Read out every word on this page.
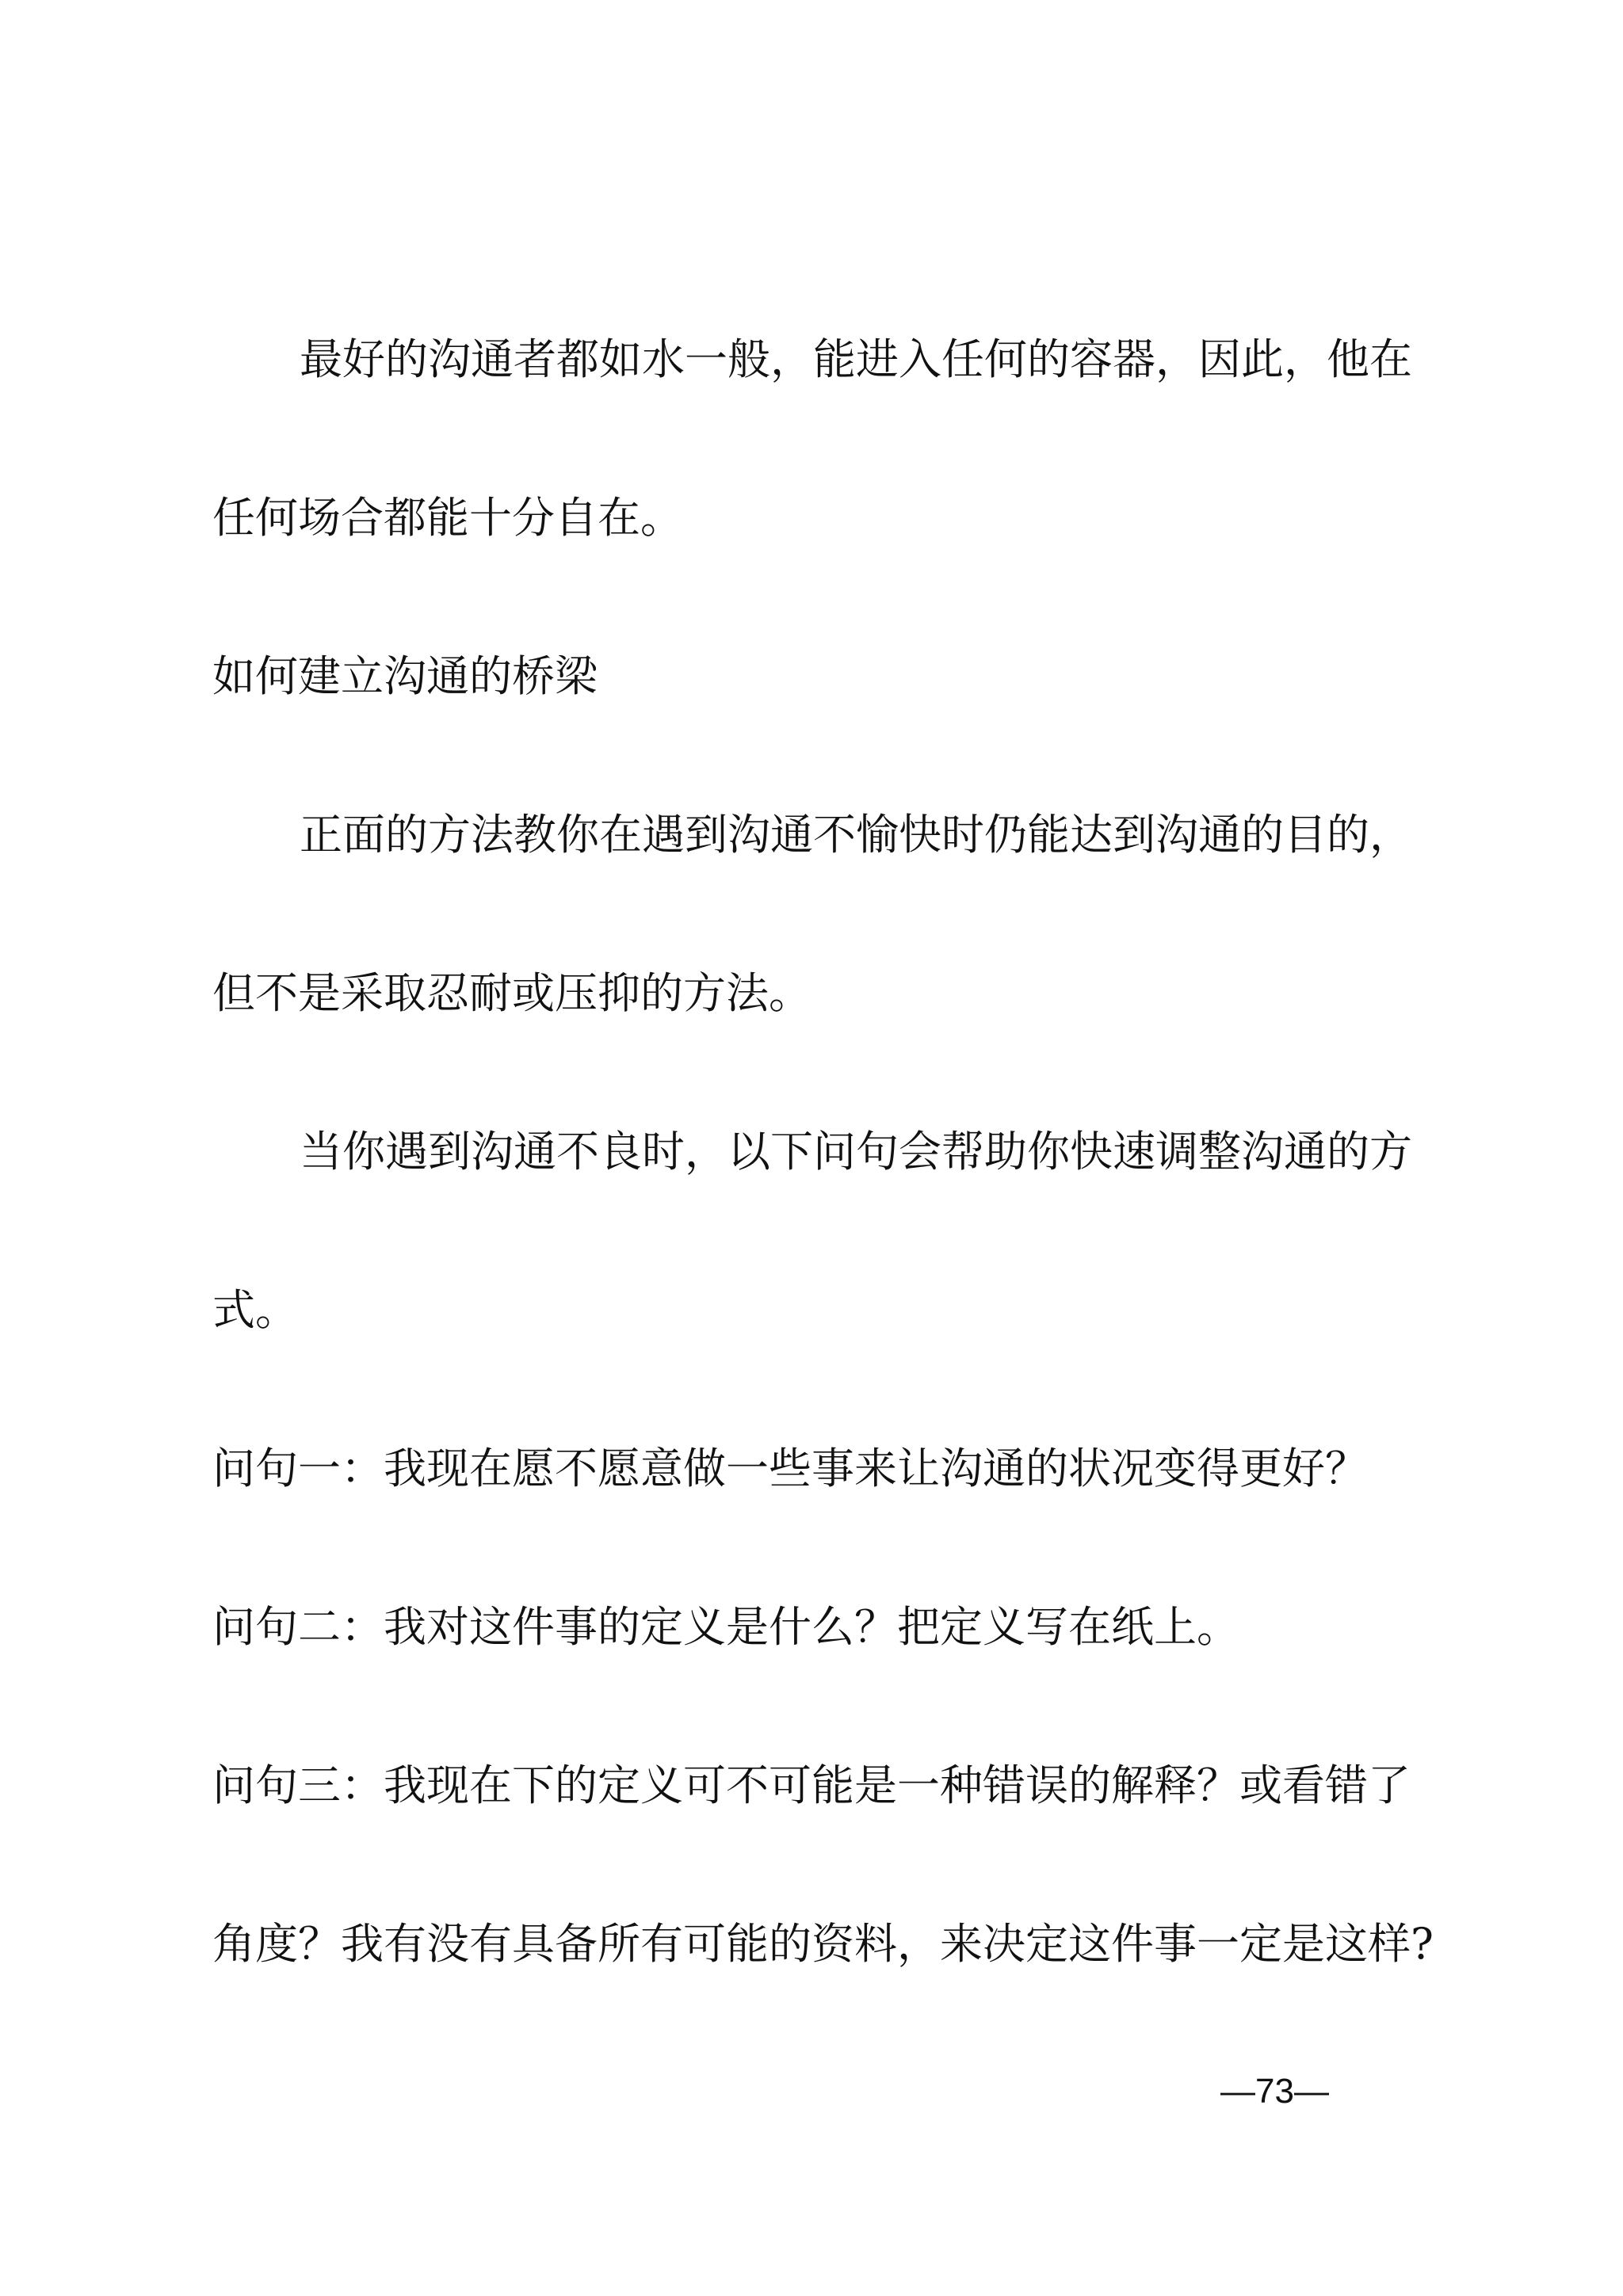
最好的沟通者都如水一般，能进入任何的容器，因此，他在
任何场合都能十分自在。
如何建立沟通的桥梁
正面的方法教你在遇到沟通不愉快时仍能达到沟通的目的，
但不是采取忍耐或压抑的方法。
当你遇到沟通不良时，以下问句会帮助你快速调整沟通的方
式。
问句一：我现在愿不愿意做一些事来让沟通的状况变得更好？
问句二：我对这件事的定义是什么？把定义写在纸上。
问句三：我现在下的定义可不可能是一种错误的解释？或看错了
角度？我有没有具备所有可能的资料，来决定这件事一定是这样?
—73—
